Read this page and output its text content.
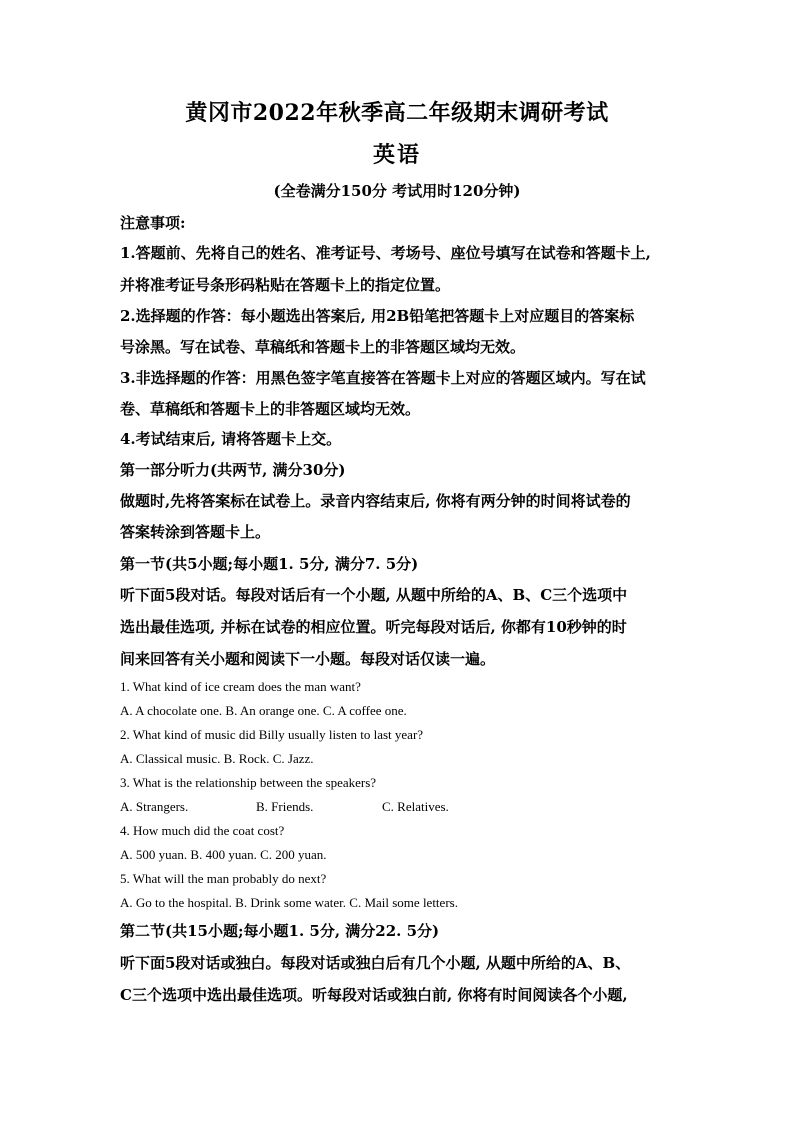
黄冈市2022年秋季高二年级期末调研考试
英语
(全卷满分150分 考试用时120分钟)
注意事项:
1.答题前、先将自己的姓名、准考证号、考场号、座位号填写在试卷和答题卡上,
并将准考证号条形码粘贴在答题卡上的指定位置。
2.选择题的作答：每小题选出答案后, 用2B铅笔把答题卡上对应题目的答案标
号涂黑。写在试卷、草稿纸和答题卡上的非答题区域均无效。
3.非选择题的作答：用黑色签字笔直接答在答题卡上对应的答题区域内。写在试
卷、草稿纸和答题卡上的非答题区域均无效。
4.考试结束后, 请将答题卡上交。
第一部分听力(共两节, 满分30分)
做题时,先将答案标在试卷上。录音内容结束后, 你将有两分钟的时间将试卷的
答案转涂到答题卡上。
第一节(共5小题;每小题1. 5分, 满分7. 5分)
听下面5段对话。每段对话后有一个小题, 从题中所给的A、B、C三个选项中
选出最佳选项, 并标在试卷的相应位置。听完每段对话后, 你都有10秒钟的时
间来回答有关小题和阅读下一小题。每段对话仅读一遍。
1. What kind of ice cream does the man want?
A. A chocolate one. B. An orange one. C. A coffee one.
2. What kind of music did Billy usually listen to last year?
A. Classical music. B. Rock. C. Jazz.
3. What is the relationship between the speakers?
A. Strangers.	B. Friends.	C. Relatives.
4. How much did the coat cost?
A. 500 yuan. B. 400 yuan. C. 200 yuan.
5. What will the man probably do next?
A. Go to the hospital. B. Drink some water. C. Mail some letters.
第二节(共15小题;每小题1. 5分, 满分22. 5分)
听下面5段对话或独白。每段对话或独白后有几个小题, 从题中所给的A、B、
C三个选项中选出最佳选项。听每段对话或独白前, 你将有时间阅读各个小题,
